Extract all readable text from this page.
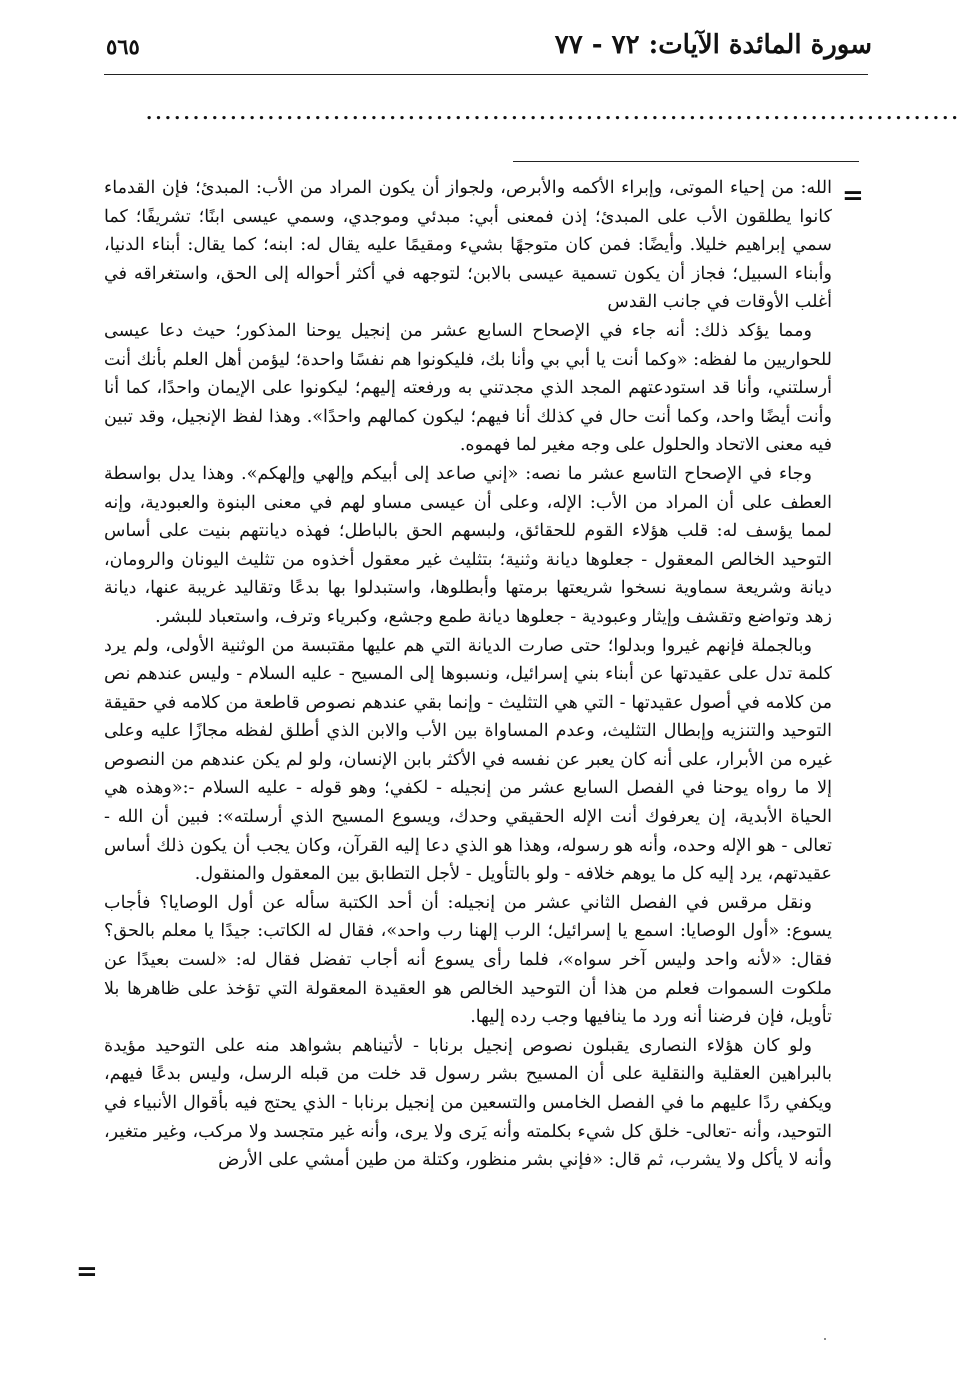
سورة المائدة الآيات: ٧٢ - ٧٧
٥٦٥
.......................................................................................
=
=

الله: من إحياء الموتى، وإبراء الأكمه والأبرص، ولجواز أن يكون المراد من الأب: المبدئ؛ فإن القدماء كانوا يطلقون الأب على المبدئ؛ إذن فمعنى أبي: مبدئي وموجدي، وسمي عيسى ابنًا؛ تشريفًا؛ كما سمي إبراهيم خليلا. وأيضًا: فمن كان متوجهًا بشيء ومقيمًا عليه يقال له: ابنه؛ كما يقال: أبناء الدنيا، وأبناء السبيل؛ فجاز أن يكون تسمية عيسى بالابن؛ لتوجهه في أكثر أحواله إلى الحق، واستغراقه في أغلب الأوقات في جانب القدس

ومما يؤكد ذلك: أنه جاء في الإصحاح السابع عشر من إنجيل يوحنا المذكور؛ حيث دعا عيسى للحواريين ما لفظه: «وكما أنت يا أبي بي وأنا بك، فليكونوا هم نفسًا واحدة؛ ليؤمن أهل العلم بأنك أنت أرسلتني، وأنا قد استودعتهم المجد الذي مجدتني به ورفعته إليهم؛ ليكونوا على الإيمان واحدًا، كما أنا وأنت أيضًا واحد، وكما أنت حال في كذلك أنا فيهم؛ ليكون كمالهم واحدًا». وهذا لفظ الإنجيل، وقد تبين فيه معنى الاتحاد والحلول على وجه مغير لما فهموه.

وجاء في الإصحاح التاسع عشر ما نصه: «إني صاعد إلى أبيكم وإلهي وإلهكم». وهذا يدل بواسطة العطف على أن المراد من الأب: الإله، وعلى أن عيسى مساو لهم في معنى البنوة والعبودية، وإنه لمما يؤسف له: قلب هؤلاء القوم للحقائق، ولبسهم الحق بالباطل؛ فهذه ديانتهم بنيت على أساس التوحيد الخالص المعقول - جعلوها ديانة وثنية؛ بتثليث غير معقول أخذوه من تثليث اليونان والرومان، ديانة وشريعة سماوية نسخوا شريعتها برمتها وأبطلوها، واستبدلوا بها بدعًا وتقاليد غريبة عنها، ديانة زهد وتواضع وتقشف وإيثار وعبودية - جعلوها ديانة طمع وجشع، وكبرياء وترف، واستعباد للبشر.

وبالجملة فإنهم غيروا وبدلوا؛ حتى صارت الديانة التي هم عليها مقتبسة من الوثنية الأولى، ولم يرد كلمة تدل على عقيدتها عن أبناء بني إسرائيل، ونسبوها إلى المسيح - عليه السلام - وليس عندهم نص من كلامه في أصول عقيدتها - التي هي التثليث - وإنما بقي عندهم نصوص قاطعة من كلامه في حقيقة التوحيد والتنزيه وإبطال التثليث، وعدم المساواة بين الأب والابن الذي أطلق لفظه مجازًا عليه وعلى غيره من الأبرار، على أنه كان يعبر عن نفسه في الأكثر بابن الإنسان، ولو لم يكن عندهم من النصوص إلا ما رواه يوحنا في الفصل السابع عشر من إنجيله - لكفي؛ وهو قوله - عليه السلام -:«وهذه هي الحياة الأبدية، إن يعرفوك أنت الإله الحقيقي وحدك، ويسوع المسيح الذي أرسلته»: فبين أن الله - تعالى - هو الإله وحده، وأنه هو رسوله، وهذا هو الذي دعا إليه القرآن، وكان يجب أن يكون ذلك أساس عقيدتهم، يرد إليه كل ما يوهم خلافه - ولو بالتأويل - لأجل التطابق بين المعقول والمنقول.

ونقل مرقس في الفصل الثاني عشر من إنجيله: أن أحد الكتبة سأله عن أول الوصايا؟ فأجاب يسوع: «أول الوصايا: اسمع يا إسرائيل؛ الرب إلهنا رب واحد»، فقال له الكاتب: جيدًا يا معلم بالحق؟ فقال: «لأنه واحد وليس آخر سواه»، فلما رأى يسوع أنه أجاب تفضل فقال له: «لست بعيدًا عن ملكوت السموات فعلم من هذا أن التوحيد الخالص هو العقيدة المعقولة التي تؤخذ على ظاهرها بلا تأويل، فإن فرضنا أنه ورد ما ينافيها وجب رده إليها.

ولو كان هؤلاء النصارى يقبلون نصوص إنجيل برنابا - لأتيناهم بشواهد منه على التوحيد مؤيدة بالبراهين العقلية والنقلية على أن المسيح بشر رسول قد خلت من قبله الرسل، وليس بدعًا فيهم، ويكفي ردًا عليهم ما في الفصل الخامس والتسعين من إنجيل برنابا - الذي يحتج فيه بأقوال الأنبياء في التوحيد، وأنه -تعالى- خلق كل شيء بكلمته وأنه يَرى ولا يرى، وأنه غير متجسد ولا مركب، وغير متغير، وأنه لا يأكل ولا يشرب، ثم قال: «فإني بشر منظور، وكتلة من طين أمشي على الأرض
